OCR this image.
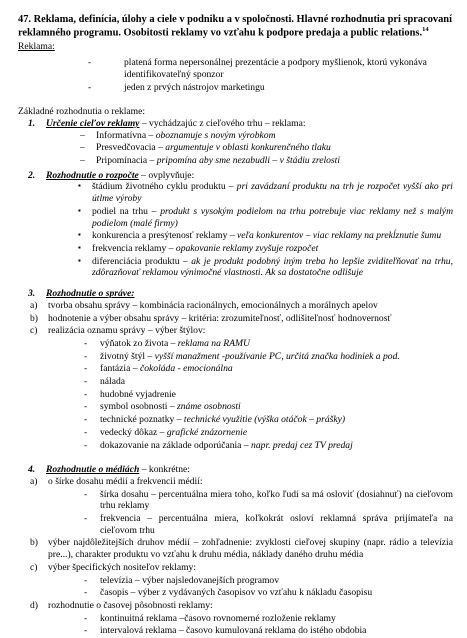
47. Reklama, definícia, úlohy a ciele v podniku a v spoločnosti. Hlavné rozhodnutia pri spracovaní reklamného programu. Osobitosti reklamy vo vzťahu k podpore predaja a public relations.$^{14}$

Reklama:

- platená forma nepersonálnej prezentácie a podpory myšlienok, ktorú vykonáva identifikovateľný sponzor
- jeden z prvých nástrojov marketingu

Základné rozhodnutia o reklame:

1.	Určenie cieľov reklamy – vychádzajúc z cieľového trhu – reklama:
– Informatívna – oboznamuje s novým výrobkom
– Presvedčovacia – argumentuje v oblasti konkurenčného tlaku
– Pripomínacia – pripomína aby sme nezabudli – v štádiu zrelosti
2.	Rozhodnutie o rozpočte – ovplyvňuje:
▪ štádium životného cyklu produktu – pri zavádzaní produktu na trh je rozpočet vyšší ako pri útlme výroby
▪ podiel na trhu – produkt s vysokým podielom na trhu potrebuje viac reklamy než s malým podielom (malé firmy)
▪ konkurencia a presýtenosť reklamy – veľa konkurentov – viac reklamy na prekĺznutie šumu
▪ frekvencia reklamy – opakovanie reklamy zvyšuje rozpočet
▪ diferenciácia produktu – ak je produkt podobný iným treba ho lepšie zviditeľňovať na trhu, zdôrazňovať reklamou výnimočné vlastnosti. Ak sa dostatočne odlišuje
3.	Rozhodnutie o správe:
a)	tvorba obsahu správy – kombinácia racionálnych, emocionálnych a morálnych apelov
b)	hodnotenie a výber obsahu správy – kritéria: zrozumiteľnosť, odlišiteľnosť hodnovernosť
c)	realizácia oznamu správy – výber štýlov:
- výňatok zo života – reklama na RAMU
- životný štýl – vyšší manažment -používanie PC, určitá značka hodiniek a pod.
- fantázia – čokoláda - emocionálna
- nálada
- hudobné vyjadrenie
- symbol osobnosti – známe osobnosti
- technické poznatky – technické využitie (výška otáčok – prášky)
- vedecký dôkaz – grafické znázornenie
- dokazovanie na základe odporúčania – napr. predaj cez TV predaj
4.	Rozhodnutie o médiách – konkrétne:
a)	o šírke dosahu médií a frekvencii médií:
- šírka dosahu – percentuálna miera toho, koľko ľudí sa má osloviť (dosiahnuť) na cieľovom trhu reklamy
- frekvencia – percentuálna miera, koľkokrát osloví reklamná správa prijímateľa na cieľovom trhu
b)	výber najdôležitejších druhov médií – zohľadnenie: zvyklosti cieľovej skupiny (napr. rádio a televízia pre...), charakter produktu vo vzťahu k druhu média, náklady daného druhu média
c)	výber špecifických nositeľov reklamy:
- televízia – výber najsledovanejších programov
- časopis – výber z vydávaných časopisov vo vzťahu k nákladu časopisu
d)	rozhodnutie o časovej pôsobnosti reklamy:
- kontinuitná reklama –časovo rovnomerné rozloženie reklamy
- intervalová reklama – časovo kumulovaná reklama do istého obdobia
